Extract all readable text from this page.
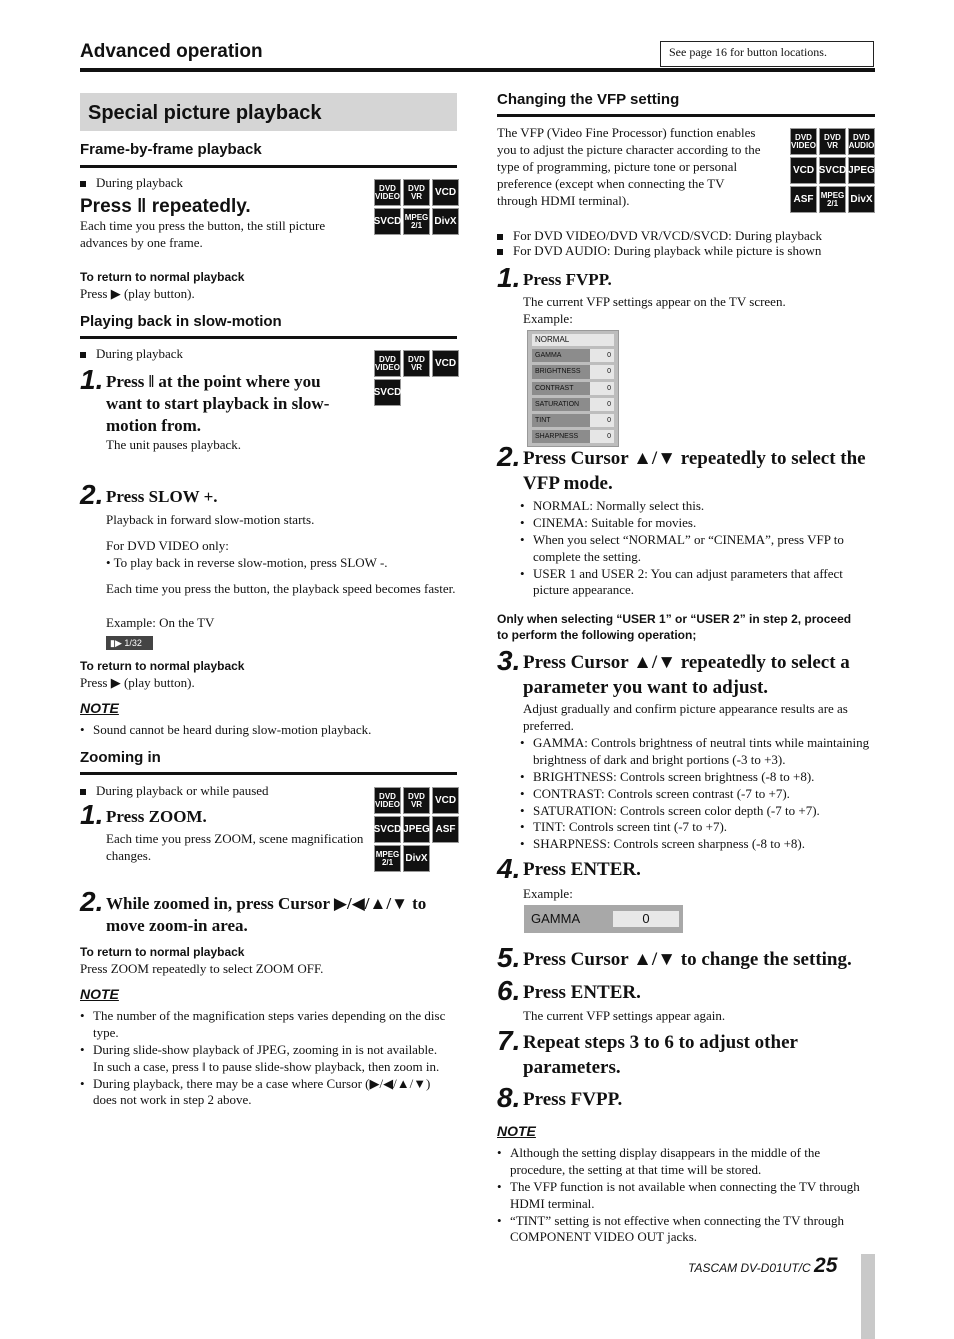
Advanced operation	See page 16 for button locations.
Special picture playback
Frame-by-frame playback
During playback
Press ‖ repeatedly.
Each time you press the button, the still picture advances by one frame.
DVD
VIDEO
DVD
VR VCD
SVCD MPEG
2/1 DivX
To return to normal playback
Press ▶ (play button).
Playing back in slow-motion
During playback	DVD
VIDEO
DVD
VR VCD
SVCD
1. Press ‖ at the point where you want to start playback in slow-motion from.
The unit pauses playback.
2. Press SLOW +.
Playback in forward slow-motion starts.
For DVD VIDEO only:
• To play back in reverse slow-motion, press SLOW -.
Each time you press the button, the playback speed becomes faster.
Example: On the TV
▮▶ 1/32
To return to normal playback
Press ▶ (play button).
NOTE
• Sound cannot be heard during slow-motion playback.
Zooming in
During playback or while paused	DVD
VIDEO
DVD
VR VCD
SVCD JPEG ASF
MPEG
2/1 DivX
1. Press ZOOM.
Each time you press ZOOM, scene magnification changes.
2. While zoomed in, press Cursor ▶/◀/▲/▼ to move zoom-in area.
To return to normal playback
Press ZOOM repeatedly to select ZOOM OFF.
NOTE
• The number of the magnification steps varies depending on the disc type.
• During slide-show playback of JPEG, zooming in is not available. In such a case, press ‖ to pause slide-show playback, then zoom in.
• During playback, there may be a case where Cursor (▶/◀/▲/▼) does not work in step 2 above.
Changing the VFP setting
The VFP (Video Fine Processor) function enables you to adjust the picture character according to the type of programming, picture tone or personal preference (except when connecting the TV through HDMI terminal).
DVD
VIDEO
DVD
VR
DVD
AUDIO
VCD SVCD JPEG
ASF MPEG
2/1 DivX
For DVD VIDEO/DVD VR/VCD/SVCD: During playback
For DVD AUDIO: During playback while picture is shown
1. Press FVPP.
The current VFP settings appear on the TV screen.
Example:
NORMAL
GAMMA	0
BRIGHTNESS	0
CONTRAST	0
SATURATION	0
TINT	0
SHARPNESS	0
2. Press Cursor ▲/▼ repeatedly to select the VFP mode.
• NORMAL: Normally select this.
• CINEMA: Suitable for movies.
• When you select “NORMAL” or “CINEMA”, press VFP to complete the setting.
• USER 1 and USER 2: You can adjust parameters that affect picture appearance.
Only when selecting “USER 1” or “USER 2” in step 2, proceed to perform the following operation;
3. Press Cursor ▲/▼ repeatedly to select a parameter you want to adjust.
Adjust gradually and confirm picture appearance results are as preferred.
• GAMMA: Controls brightness of neutral tints while maintaining brightness of dark and bright portions (-3 to +3).
• BRIGHTNESS: Controls screen brightness (-8 to +8).
• CONTRAST: Controls screen contrast (-7 to +7).
• SATURATION: Controls screen color depth (-7 to +7).
• TINT: Controls screen tint (-7 to +7).
• SHARPNESS: Controls screen sharpness (-8 to +8).
4. Press ENTER.
Example:
GAMMA	0
5. Press Cursor ▲/▼ to change the setting.
6. Press ENTER.
The current VFP settings appear again.
7. Repeat steps 3 to 6 to adjust other parameters.
8. Press FVPP.
NOTE
• Although the setting display disappears in the middle of the procedure, the setting at that time will be stored.
• The VFP function is not available when connecting the TV through HDMI terminal.
• “TINT” setting is not effective when connecting the TV through COMPONENT VIDEO OUT jacks.
TASCAM DV-D01UT/C 25
